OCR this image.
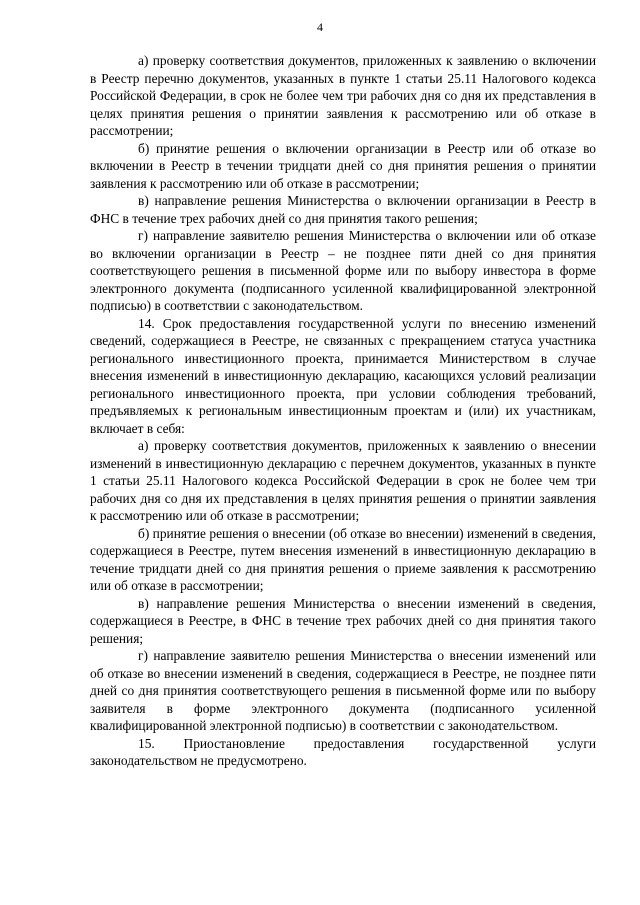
4

а) проверку соответствия документов, приложенных к заявлению о включении в Реестр перечню документов, указанных в пункте 1 статьи 25.11 Налогового кодекса Российской Федерации, в срок не более чем три рабочих дня со дня их представления в целях принятия решения о принятии заявления к рассмотрению или об отказе в рассмотрении;

б) принятие решения о включении организации в Реестр или об отказе во включении в Реестр в течении тридцати дней со дня принятия решения о принятии заявления к рассмотрению или об отказе в рассмотрении;

в) направление решения Министерства о включении организации в Реестр в ФНС в течение трех рабочих дней со дня принятия такого решения;

г) направление заявителю решения Министерства о включении или об отказе во включении организации в Реестр – не позднее пяти дней со дня принятия соответствующего решения в письменной форме или по выбору инвестора в форме электронного документа (подписанного усиленной квалифицированной электронной подписью) в соответствии с законодательством.

14. Срок предоставления государственной услуги по внесению изменений сведений, содержащиеся в Реестре, не связанных с прекращением статуса участника регионального инвестиционного проекта, принимается Министерством в случае внесения изменений в инвестиционную декларацию, касающихся условий реализации регионального инвестиционного проекта, при условии соблюдения требований, предъявляемых к региональным инвестиционным проектам и (или) их участникам, включает в себя:

а) проверку соответствия документов, приложенных к заявлению о внесении изменений в инвестиционную декларацию с перечнем документов, указанных в пункте 1 статьи 25.11 Налогового кодекса Российской Федерации в срок не более чем три рабочих дня со дня их представления в целях принятия решения о принятии заявления к рассмотрению или об отказе в рассмотрении;

б) принятие решения о внесении (об отказе во внесении) изменений в сведения, содержащиеся в Реестре, путем внесения изменений в инвестиционную декларацию в течение тридцати дней со дня принятия решения о приеме заявления к рассмотрению или об отказе в рассмотрении;

в) направление решения Министерства о внесении изменений в сведения, содержащиеся в Реестре, в ФНС в течение трех рабочих дней со дня принятия такого решения;

г) направление заявителю решения Министерства о внесении изменений или об отказе во внесении изменений в сведения, содержащиеся в Реестре, не позднее пяти дней со дня принятия соответствующего решения в письменной форме или по выбору заявителя в форме электронного документа (подписанного усиленной квалифицированной электронной подписью) в соответствии с законодательством.

15. Приостановление предоставления государственной услуги законодательством не предусмотрено.
